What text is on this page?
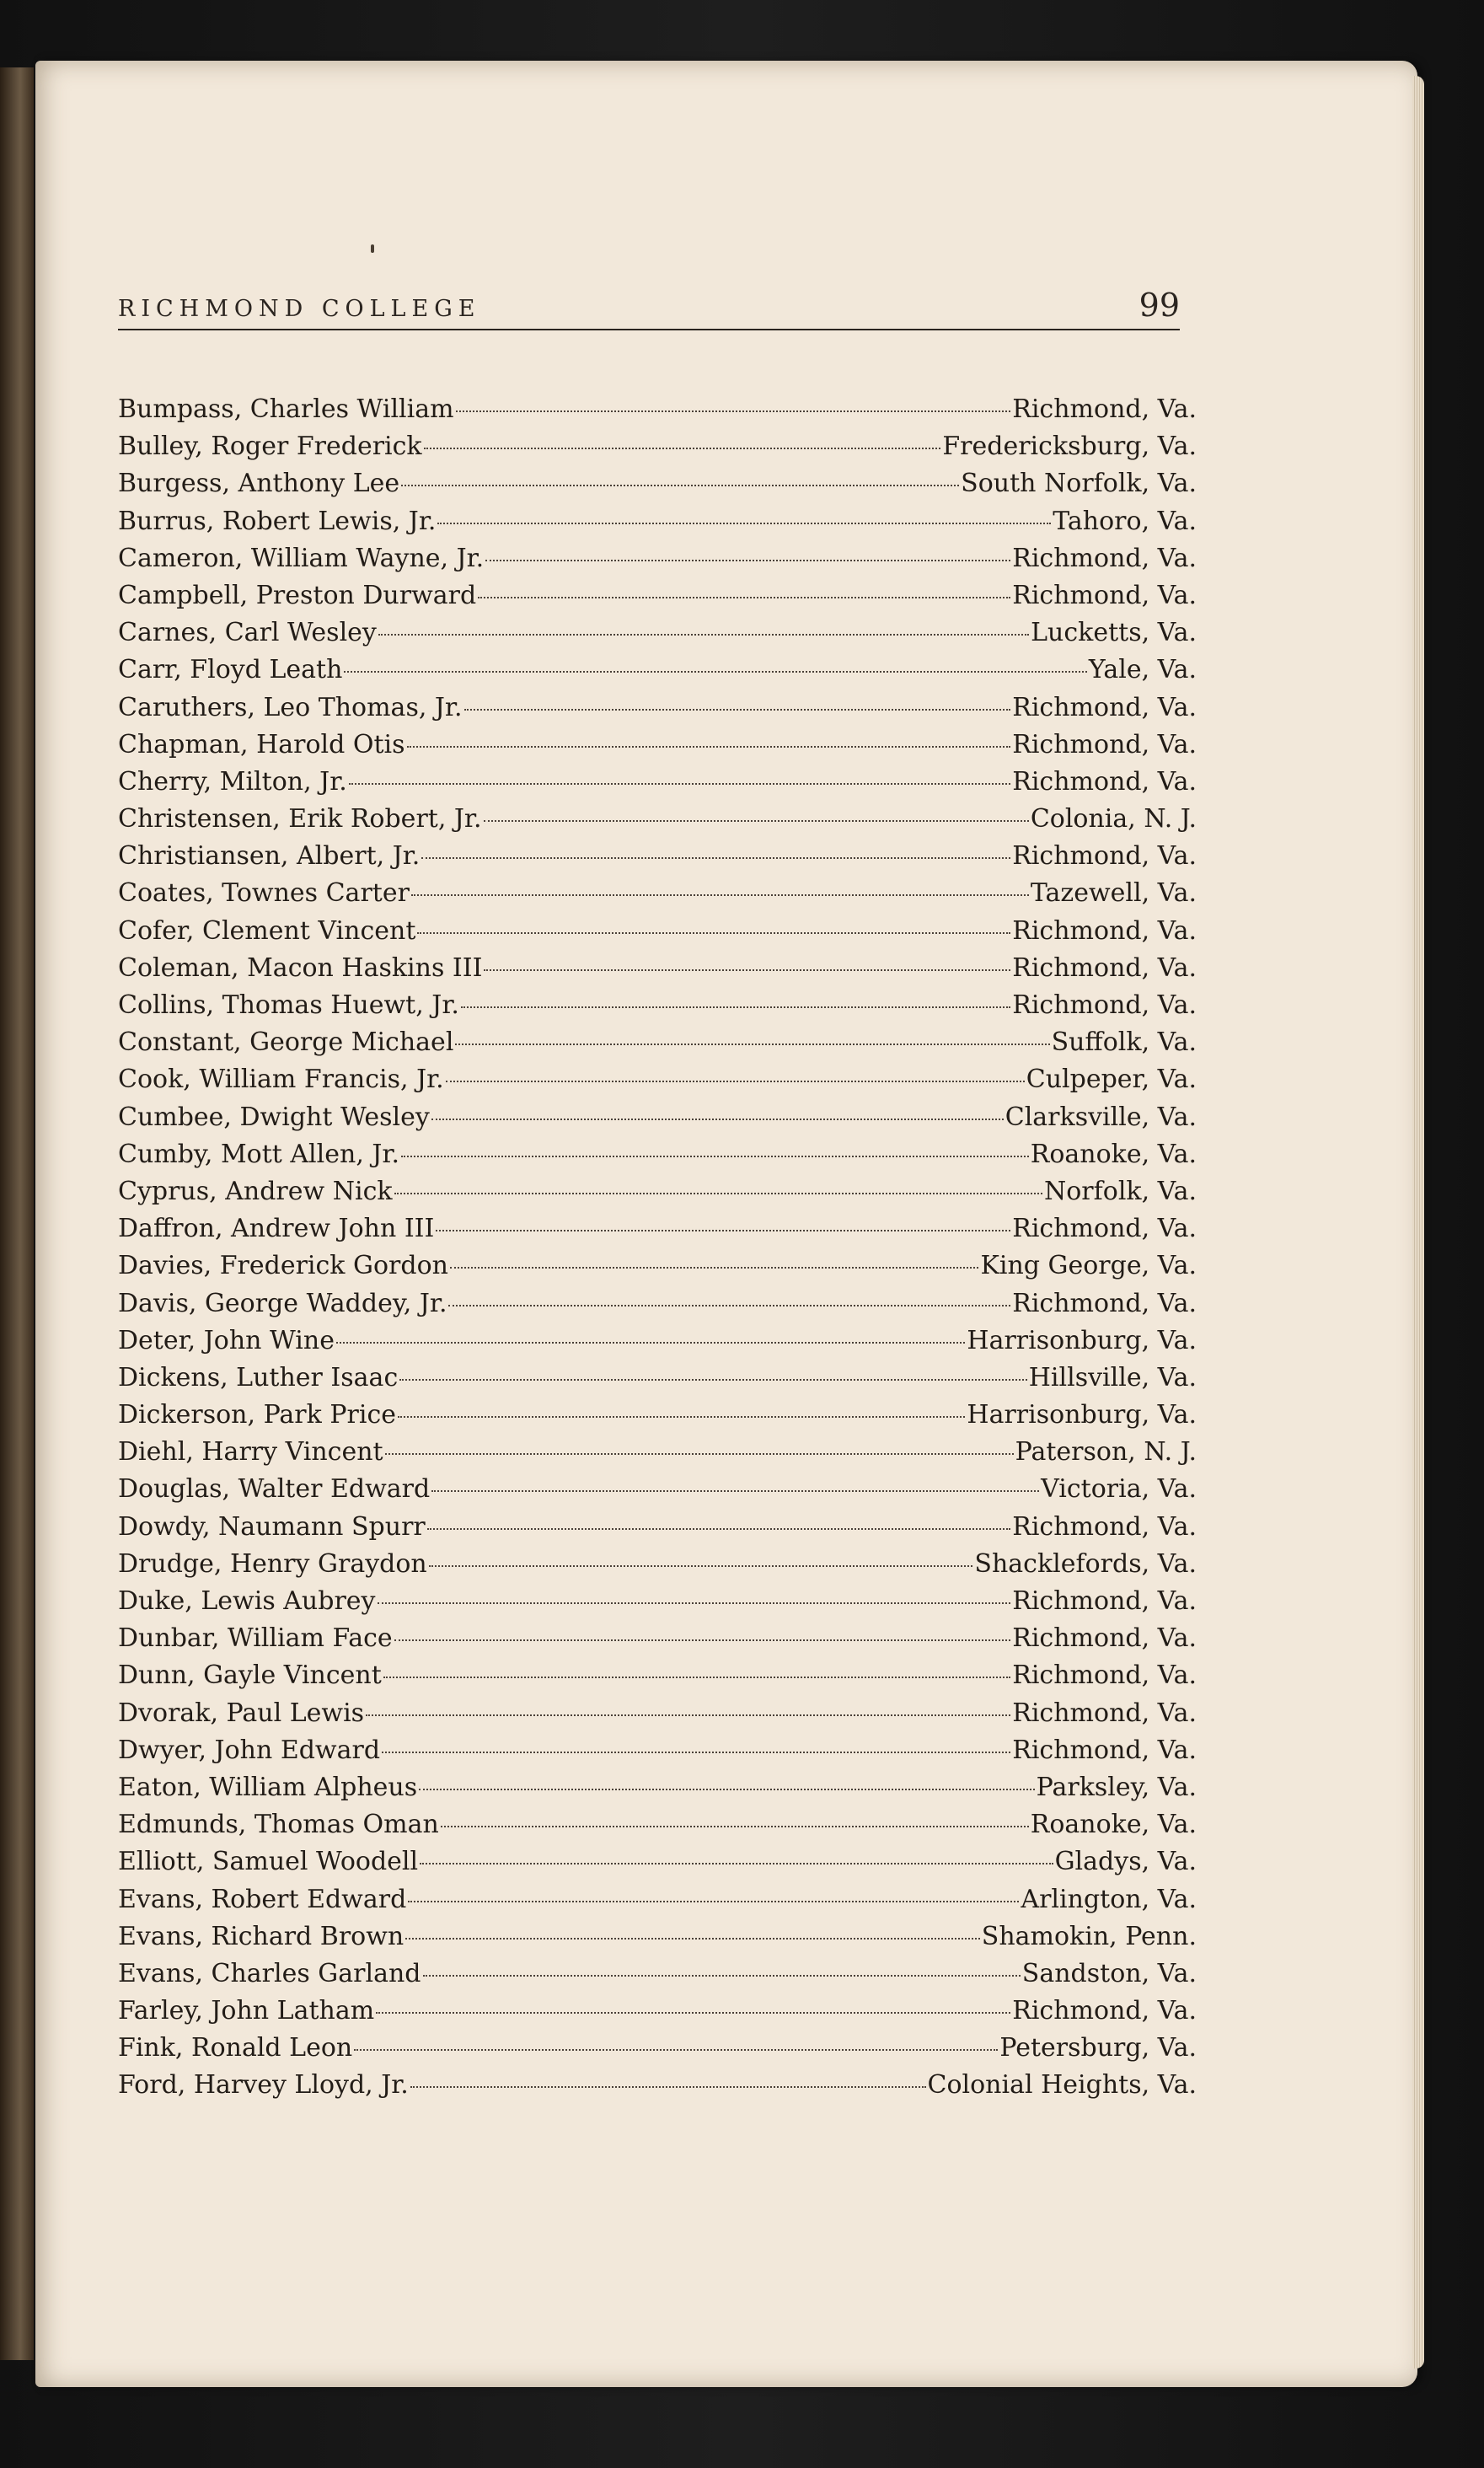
RICHMOND COLLEGE	99
Bumpass, Charles William	Richmond, Va.
Bulley, Roger Frederick	Fredericksburg, Va.
Burgess, Anthony Lee	South Norfolk, Va.
Burrus, Robert Lewis, Jr.	Tahoro, Va.
Cameron, William Wayne, Jr.	Richmond, Va.
Campbell, Preston Durward	Richmond, Va.
Carnes, Carl Wesley	Lucketts, Va.
Carr, Floyd Leath	Yale, Va.
Caruthers, Leo Thomas, Jr.	Richmond, Va.
Chapman, Harold Otis	Richmond, Va.
Cherry, Milton, Jr.	Richmond, Va.
Christensen, Erik Robert, Jr.	Colonia, N. J.
Christiansen, Albert, Jr.	Richmond, Va.
Coates, Townes Carter	Tazewell, Va.
Cofer, Clement Vincent	Richmond, Va.
Coleman, Macon Haskins III	Richmond, Va.
Collins, Thomas Huewt, Jr.	Richmond, Va.
Constant, George Michael	Suffolk, Va.
Cook, William Francis, Jr.	Culpeper, Va.
Cumbee, Dwight Wesley	Clarksville, Va.
Cumby, Mott Allen, Jr.	Roanoke, Va.
Cyprus, Andrew Nick	Norfolk, Va.
Daffron, Andrew John III	Richmond, Va.
Davies, Frederick Gordon	King George, Va.
Davis, George Waddey, Jr.	Richmond, Va.
Deter, John Wine	Harrisonburg, Va.
Dickens, Luther Isaac	Hillsville, Va.
Dickerson, Park Price	Harrisonburg, Va.
Diehl, Harry Vincent	Paterson, N. J.
Douglas, Walter Edward	Victoria, Va.
Dowdy, Naumann Spurr	Richmond, Va.
Drudge, Henry Graydon	Shacklefords, Va.
Duke, Lewis Aubrey	Richmond, Va.
Dunbar, William Face	Richmond, Va.
Dunn, Gayle Vincent	Richmond, Va.
Dvorak, Paul Lewis	Richmond, Va.
Dwyer, John Edward	Richmond, Va.
Eaton, William Alpheus	Parksley, Va.
Edmunds, Thomas Oman	Roanoke, Va.
Elliott, Samuel Woodell	Gladys, Va.
Evans, Robert Edward	Arlington, Va.
Evans, Richard Brown	Shamokin, Penn.
Evans, Charles Garland	Sandston, Va.
Farley, John Latham	Richmond, Va.
Fink, Ronald Leon	Petersburg, Va.
Ford, Harvey Lloyd, Jr.	Colonial Heights, Va.
